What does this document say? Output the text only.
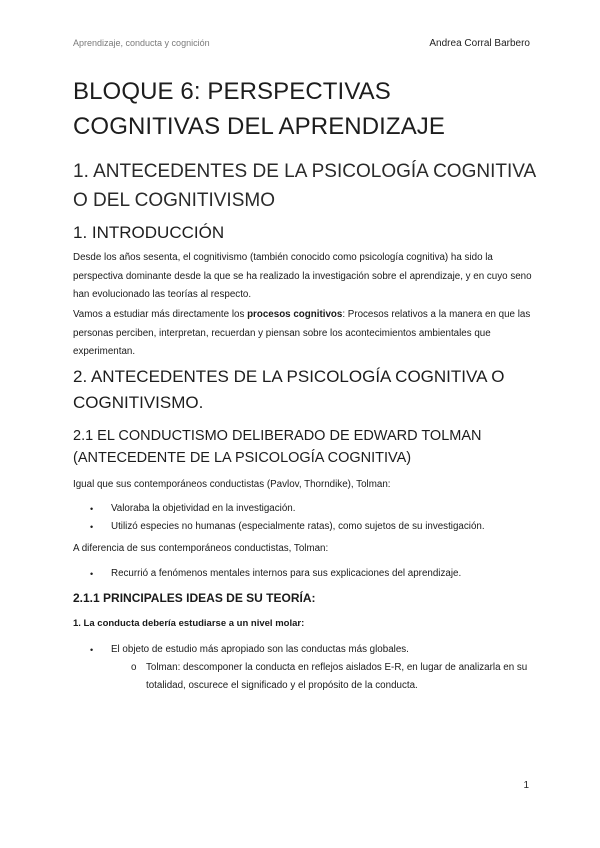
Aprendizaje, conducta y cognición	Andrea Corral Barbero
BLOQUE 6: PERSPECTIVAS COGNITIVAS DEL APRENDIZAJE
1. ANTECEDENTES DE LA PSICOLOGÍA COGNITIVA O DEL COGNITIVISMO
1. INTRODUCCIÓN
Desde los años sesenta, el cognitivismo (también conocido como psicología cognitiva) ha sido la perspectiva dominante desde la que se ha realizado la investigación sobre el aprendizaje, y en cuyo seno han evolucionado las teorías al respecto.
Vamos a estudiar más directamente los procesos cognitivos: Procesos relativos a la manera en que las personas perciben, interpretan, recuerdan y piensan sobre los acontecimientos ambientales que experimentan.
2. ANTECEDENTES DE LA PSICOLOGÍA COGNITIVA O COGNITIVISMO.
2.1 EL CONDUCTISMO DELIBERADO DE EDWARD TOLMAN (ANTECEDENTE DE LA PSICOLOGÍA COGNITIVA)
Igual que sus contemporáneos conductistas (Pavlov, Thorndike), Tolman:
• Valoraba la objetividad en la investigación.
• Utilizó especies no humanas (especialmente ratas), como sujetos de su investigación.
A diferencia de sus contemporáneos conductistas, Tolman:
• Recurrió a fenómenos mentales internos para sus explicaciones del aprendizaje.
2.1.1 PRINCIPALES IDEAS DE SU TEORÍA:
1. La conducta debería estudiarse a un nivel molar:
• El objeto de estudio más apropiado son las conductas más globales.
o Tolman: descomponer la conducta en reflejos aislados E-R, en lugar de analizarla en su totalidad, oscurece el significado y el propósito de la conducta.
1
